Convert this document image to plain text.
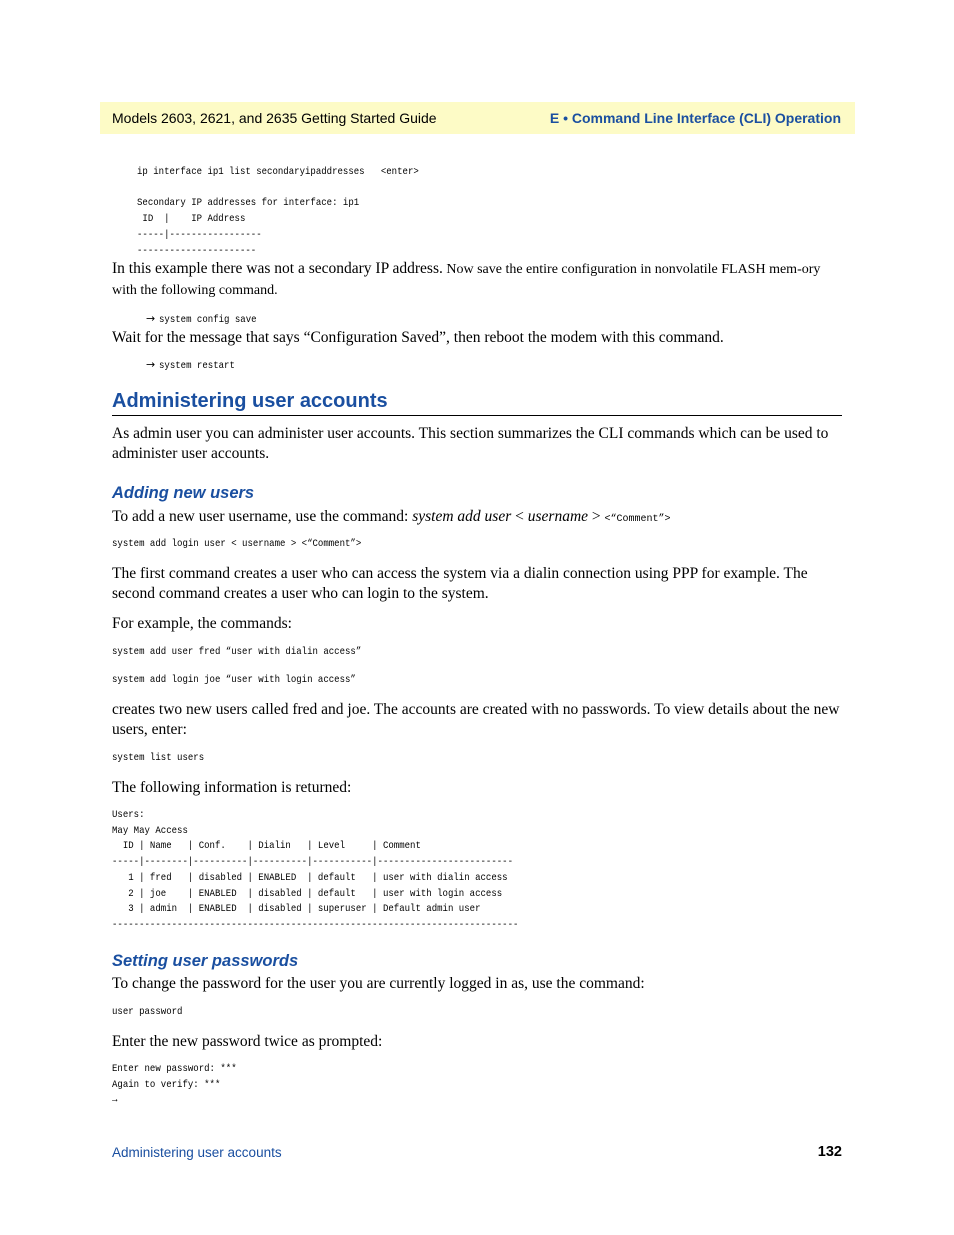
Models 2603, 2621, and 2635 Getting Started Guide	E • Command Line Interface (CLI) Operation
ip interface ip1 list secondaryipaddresses   <enter>

Secondary IP addresses for interface: ip1
ID  |    IP Address
-----|-----------------
----------------------

In this example there was not a secondary IP address. Now save the entire configuration in nonvolatile FLASH mem-ory with the following command.

→ system config save

Wait for the message that says “Configuration Saved”, then reboot the modem with this command.

→ system restart
Administering user accounts

As admin user you can administer user accounts. This section summarizes the CLI commands which can be used to administer user accounts.

Adding new users

To add a new user username, use the command: system add user < username > <“Comment”>

system add login user < username > <“Comment”>

The first command creates a user who can access the system via a dialin connection using PPP for example. The second command creates a user who can login to the system.

For example, the commands:

system add user fred “user with dialin access”
system add login joe “user with login access”

creates two new users called fred and joe. The accounts are created with no passwords. To view details about the new users, enter:

system list users

The following information is returned:

Users:
May May Access
ID | Name   | Conf.    | Dialin   | Level     | Comment
-----|--------|----------|----------|-----------|-------------------------
1 | fred   | disabled | ENABLED  | default   | user with dialin access
2 | joe    | ENABLED  | disabled | default   | user with login access
3 | admin  | ENABLED  | disabled | superuser | Default admin user
---------------------------------------------------------------------------
Setting user passwords

To change the password for the user you are currently logged in as, use the command:

user password

Enter the new password twice as prompted:

Enter new password: ***
Again to verify: ***
→
Administering user accounts	132
